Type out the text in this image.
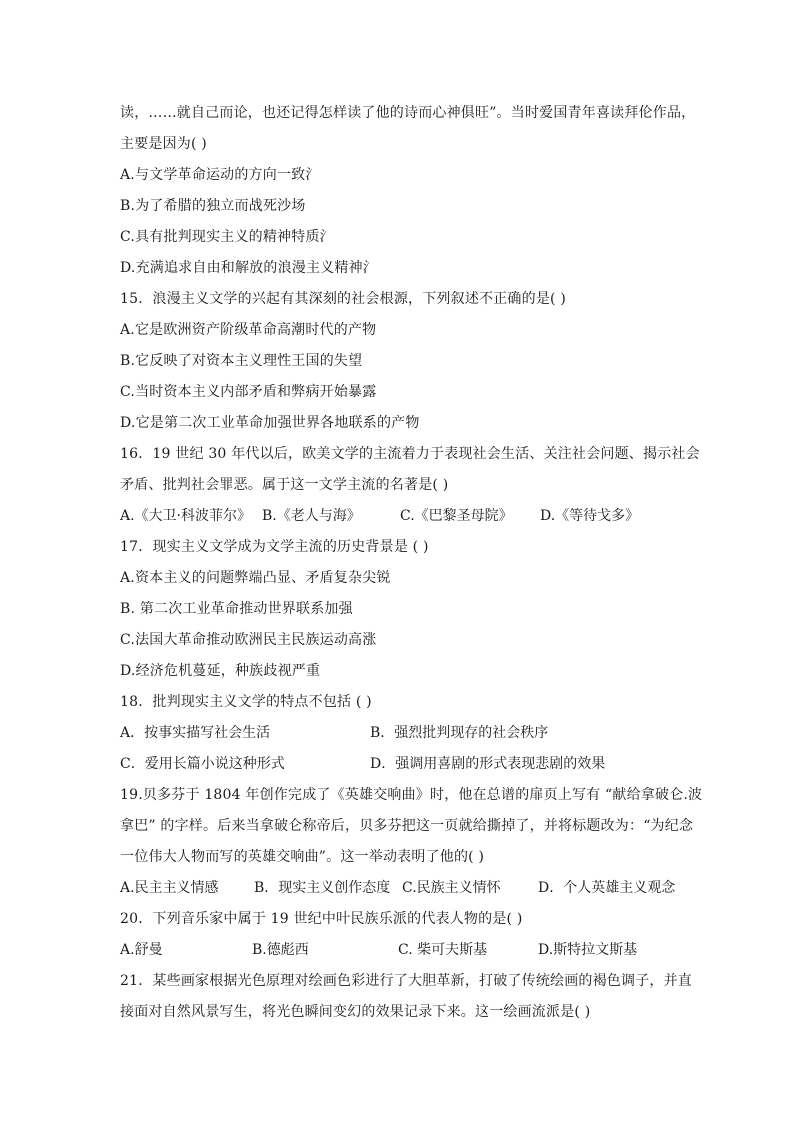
读，……就自己而论，也还记得怎样读了他的诗而心神俱旺”。当时爱国青年喜读拜伦作品，
主要是因为( )
A.与文学革命运动的方向一致氵
B.为了希腊的独立而战死沙场
C.具有批判现实主义的精神特质氵
D.充满追求自由和解放的浪漫主义精神氵
15．浪漫主义文学的兴起有其深刻的社会根源，下列叙述不正确的是( )
A.它是欧洲资产阶级革命高潮时代的产物
B.它反映了对资本主义理性王国的失望
C.当时资本主义内部矛盾和弊病开始暴露
D.它是第二次工业革命加强世界各地联系的产物
16．19 世纪 30 年代以后，欧美文学的主流着力于表现社会生活、关注社会问题、揭示社会
矛盾、批判社会罪恶。属于这一文学主流的名著是( )
A.《大卫·科波菲尔》 B.《老人与海》	C.《巴黎圣母院》	D.《等待戈多》
17．现实主义文学成为文学主流的历史背景是 ( )
A.资本主义的问题弊端凸显、矛盾复杂尖锐
B. 第二次工业革命推动世界联系加强
C.法国大革命推动欧洲民主民族运动高涨
D.经济危机蔓延，种族歧视严重
18．批判现实主义文学的特点不包括 ( )
A．按事实描写社会生活	B．强烈批判现存的社会秩序
C．爱用长篇小说这种形式	D．强调用喜剧的形式表现悲剧的效果
19.贝多芬于 1804 年创作完成了《英雄交响曲》时，他在总谱的扉页上写有 “献给拿破仑.波
拿巴” 的字样。后来当拿破仑称帝后，贝多芬把这一页就给撕掉了，并将标题改为：“为纪念
一位伟大人物而写的英雄交响曲”。这一举动表明了他的( )
A.民主主义情感	B．现实主义创作态度 C.民族主义情怀	D．个人英雄主义观念
20．下列音乐家中属于 19 世纪中叶民族乐派的代表人物的是( )
A.舒曼	B.德彪西	C. 柴可夫斯基	D.斯特拉文斯基
21．某些画家根据光色原理对绘画色彩进行了大胆革新，打破了传统绘画的褐色调子，并直
接面对自然风景写生，将光色瞬间变幻的效果记录下来。这一绘画流派是( )
